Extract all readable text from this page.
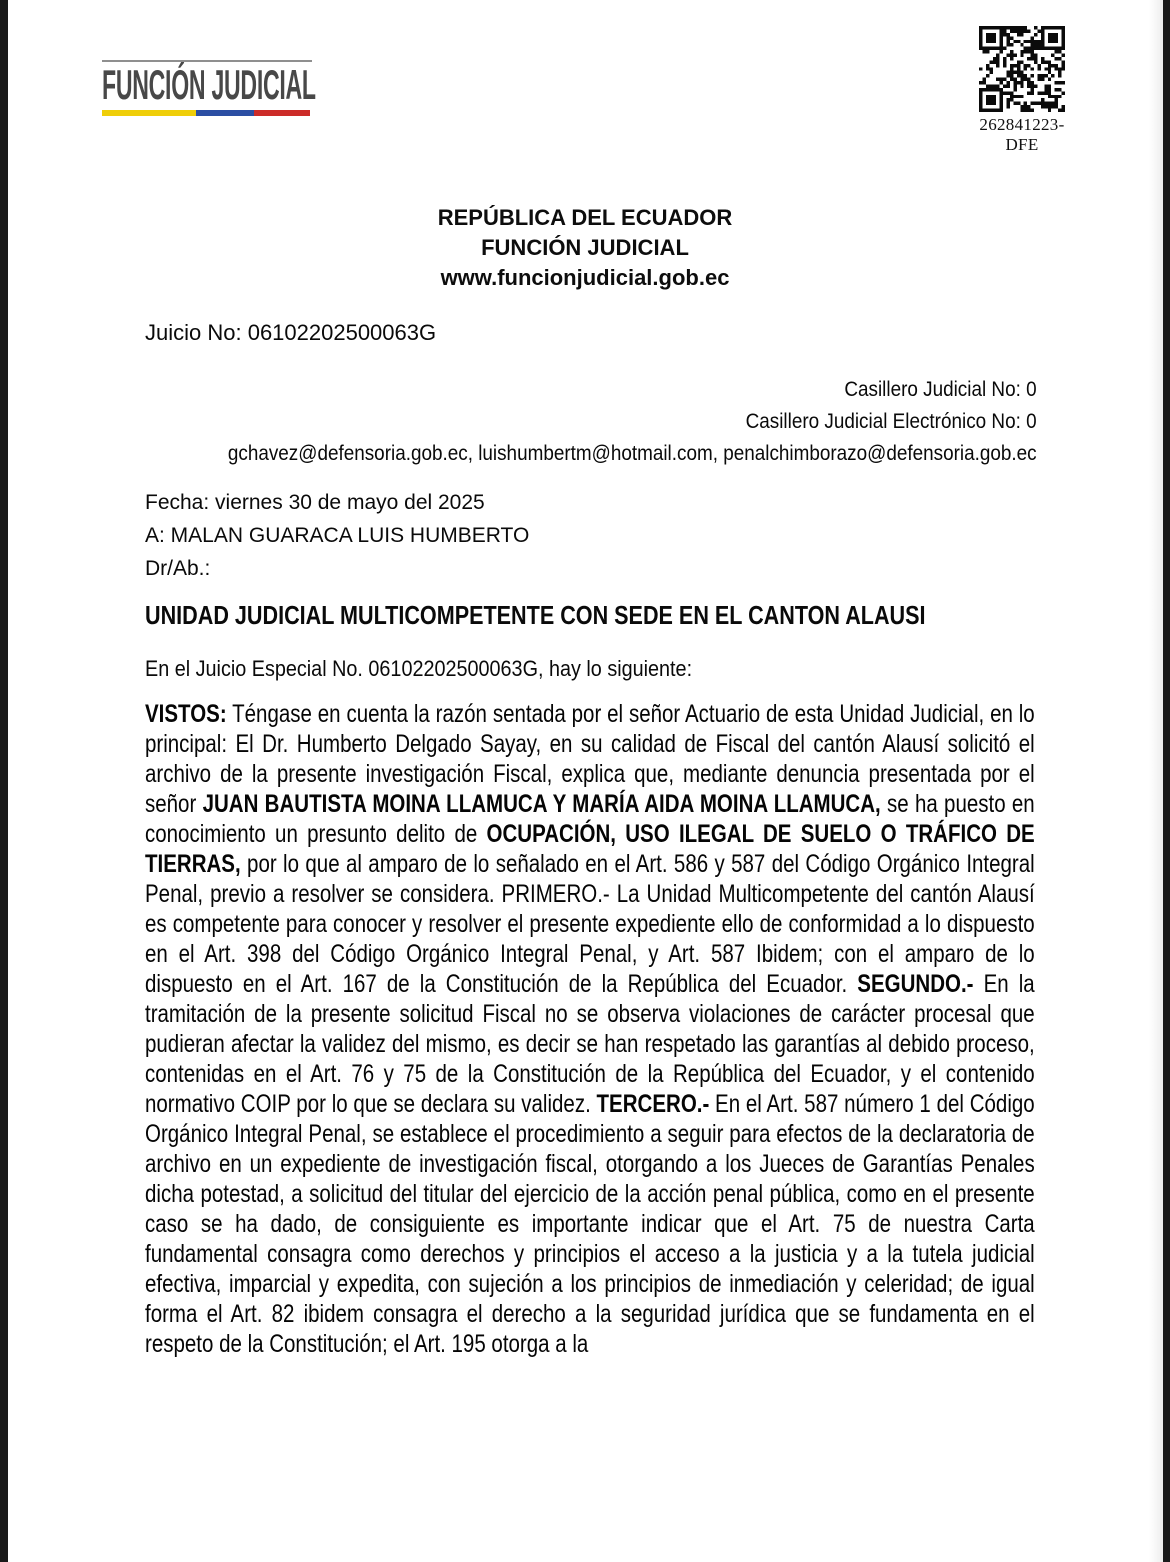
FUNCIÓN JUDICIAL
262841223-DFE
REPÚBLICA DEL ECUADOR
FUNCIÓN JUDICIAL
www.funcionjudicial.gob.ec
Juicio No: 06102202500063G
Casillero Judicial No: 0
Casillero Judicial Electrónico No: 0
gchavez@defensoria.gob.ec, luishumbertm@hotmail.com, penalchimborazo@defensoria.gob.ec
Fecha: viernes 30 de mayo del 2025
A: MALAN GUARACA LUIS HUMBERTO
Dr/Ab.:
UNIDAD JUDICIAL MULTICOMPETENTE CON SEDE EN EL CANTON ALAUSI
En el Juicio Especial No. 06102202500063G, hay lo siguiente:
VISTOS: Téngase en cuenta la razón sentada por el señor Actuario de esta Unidad Judicial, en lo principal: El Dr. Humberto Delgado Sayay, en su calidad de Fiscal del cantón Alausí solicitó el archivo de la presente investigación Fiscal, explica que, mediante denuncia presentada por el señor JUAN BAUTISTA MOINA LLAMUCA Y MARÍA AIDA MOINA LLAMUCA, se ha puesto en conocimiento un presunto delito de OCUPACIÓN, USO ILEGAL DE SUELO O TRÁFICO DE TIERRAS, por lo que al amparo de lo señalado en el Art. 586 y 587 del Código Orgánico Integral Penal, previo a resolver se considera. PRIMERO.- La Unidad Multicompetente del cantón Alausí es competente para conocer y resolver el presente expediente ello de conformidad a lo dispuesto en el Art. 398 del Código Orgánico Integral Penal, y Art. 587 Ibidem; con el amparo de lo dispuesto en el Art. 167 de la Constitución de la República del Ecuador. SEGUNDO.- En la tramitación de la presente solicitud Fiscal no se observa violaciones de carácter procesal que pudieran afectar la validez del mismo, es decir se han respetado las garantías al debido proceso, contenidas en el Art. 76 y 75 de la Constitución de la República del Ecuador, y el contenido normativo COIP por lo que se declara su validez. TERCERO.- En el Art. 587 número 1 del Código Orgánico Integral Penal, se establece el procedimiento a seguir para efectos de la declaratoria de archivo en un expediente de investigación fiscal, otorgando a los Jueces de Garantías Penales dicha potestad, a solicitud del titular del ejercicio de la acción penal pública, como en el presente caso se ha dado, de consiguiente es importante indicar que el Art. 75 de nuestra Carta fundamental consagra como derechos y principios el acceso a la justicia y a la tutela judicial efectiva, imparcial y expedita, con sujeción a los principios de inmediación y celeridad; de igual forma el Art. 82 ibidem consagra el derecho a la seguridad jurídica que se fundamenta en el respeto de la Constitución; el Art. 195 otorga a la
